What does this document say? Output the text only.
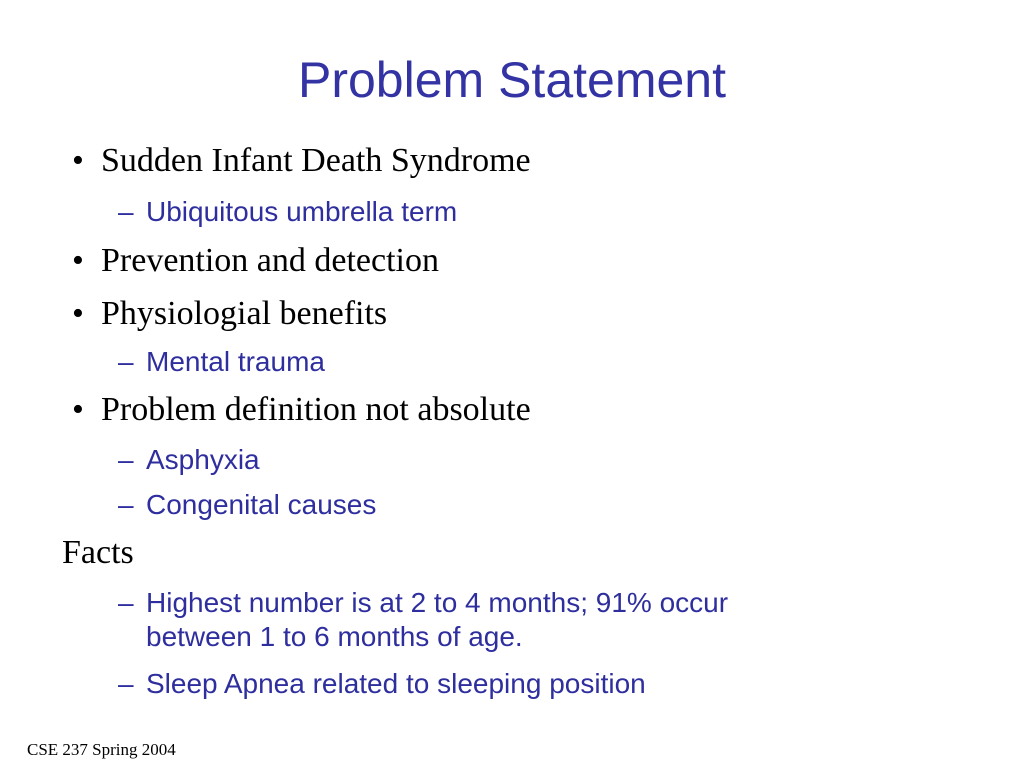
Problem Statement
• Sudden Infant Death Syndrome
– Ubiquitous umbrella term
• Prevention and detection
• Physiologial benefits
– Mental trauma
• Problem definition not absolute
– Asphyxia
– Congenital causes
Facts
– Highest number is at 2 to 4 months; 91% occur
between 1 to 6 months of age.
– Sleep Apnea related to sleeping position
CSE 237 Spring 2004
